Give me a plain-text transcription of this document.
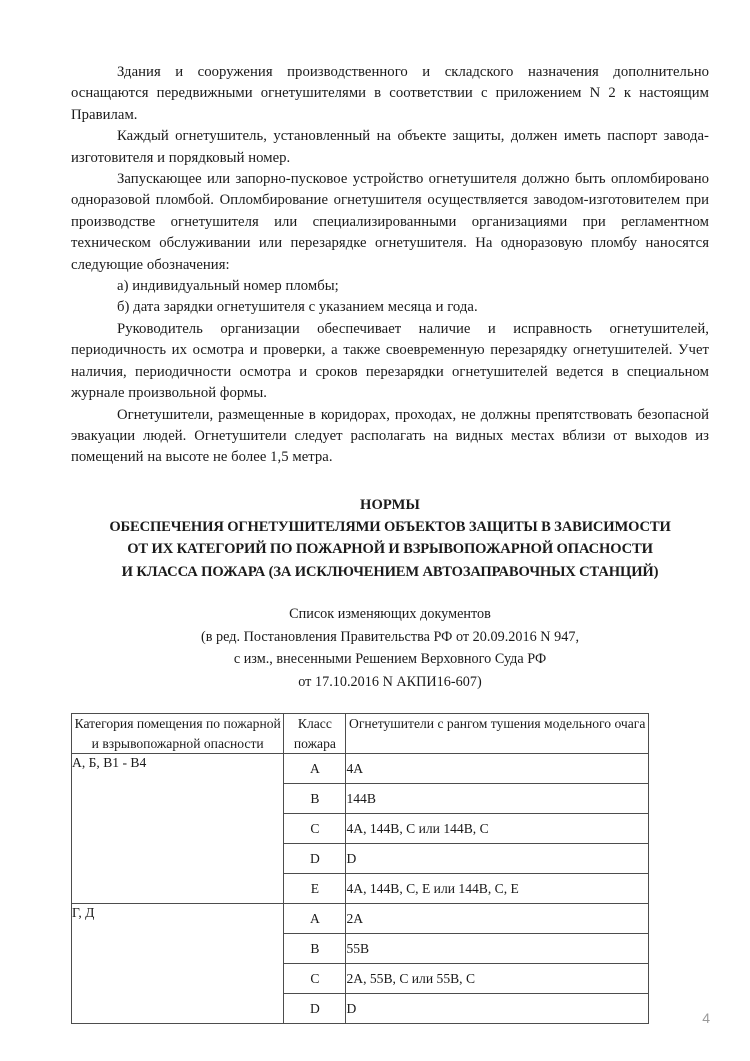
Здания и сооружения производственного и складского назначения дополнительно оснащаются передвижными огнетушителями в соответствии с приложением N 2 к настоящим Правилам.

Каждый огнетушитель, установленный на объекте защиты, должен иметь паспорт завода-изготовителя и порядковый номер.

Запускающее или запорно-пусковое устройство огнетушителя должно быть опломбировано одноразовой пломбой. Опломбирование огнетушителя осуществляется заводом-изготовителем при производстве огнетушителя или специализированными организациями при регламентном техническом обслуживании или перезарядке огнетушителя. На одноразовую пломбу наносятся следующие обозначения:

а) индивидуальный номер пломбы;

б) дата зарядки огнетушителя с указанием месяца и года.

Руководитель организации обеспечивает наличие и исправность огнетушителей, периодичность их осмотра и проверки, а также своевременную перезарядку огнетушителей. Учет наличия, периодичности осмотра и сроков перезарядки огнетушителей ведется в специальном журнале произвольной формы.

Огнетушители, размещенные в коридорах, проходах, не должны препятствовать безопасной эвакуации людей. Огнетушители следует располагать на видных местах вблизи от выходов из помещений на высоте не более 1,5 метра.

НОРМЫ
ОБЕСПЕЧЕНИЯ ОГНЕТУШИТЕЛЯМИ ОБЪЕКТОВ ЗАЩИТЫ В ЗАВИСИМОСТИ
ОТ ИХ КАТЕГОРИЙ ПО ПОЖАРНОЙ И ВЗРЫВОПОЖАРНОЙ ОПАСНОСТИ
И КЛАССА ПОЖАРА (ЗА ИСКЛЮЧЕНИЕМ АВТОЗАПРАВОЧНЫХ СТАНЦИЙ)
Список изменяющих документов
(в ред. Постановления Правительства РФ от 20.09.2016 N 947,
с изм., внесенными Решением Верховного Суда РФ
от 17.10.2016 N АКПИ16-607)
Категория помещения по пожарной и взрывопожарной опасности	Класс пожара	Огнетушители с рангом тушения модельного очага
А, Б, В1 - В4	A	4А
	B	144В
	C	4А, 144В, С или 144В, С
	D	D
	E	4А, 144В, С, Е или 144В, С, Е
Г, Д	A	2А
	B	55В
	C	2А, 55В, С или 55В, С
	D	D
4
